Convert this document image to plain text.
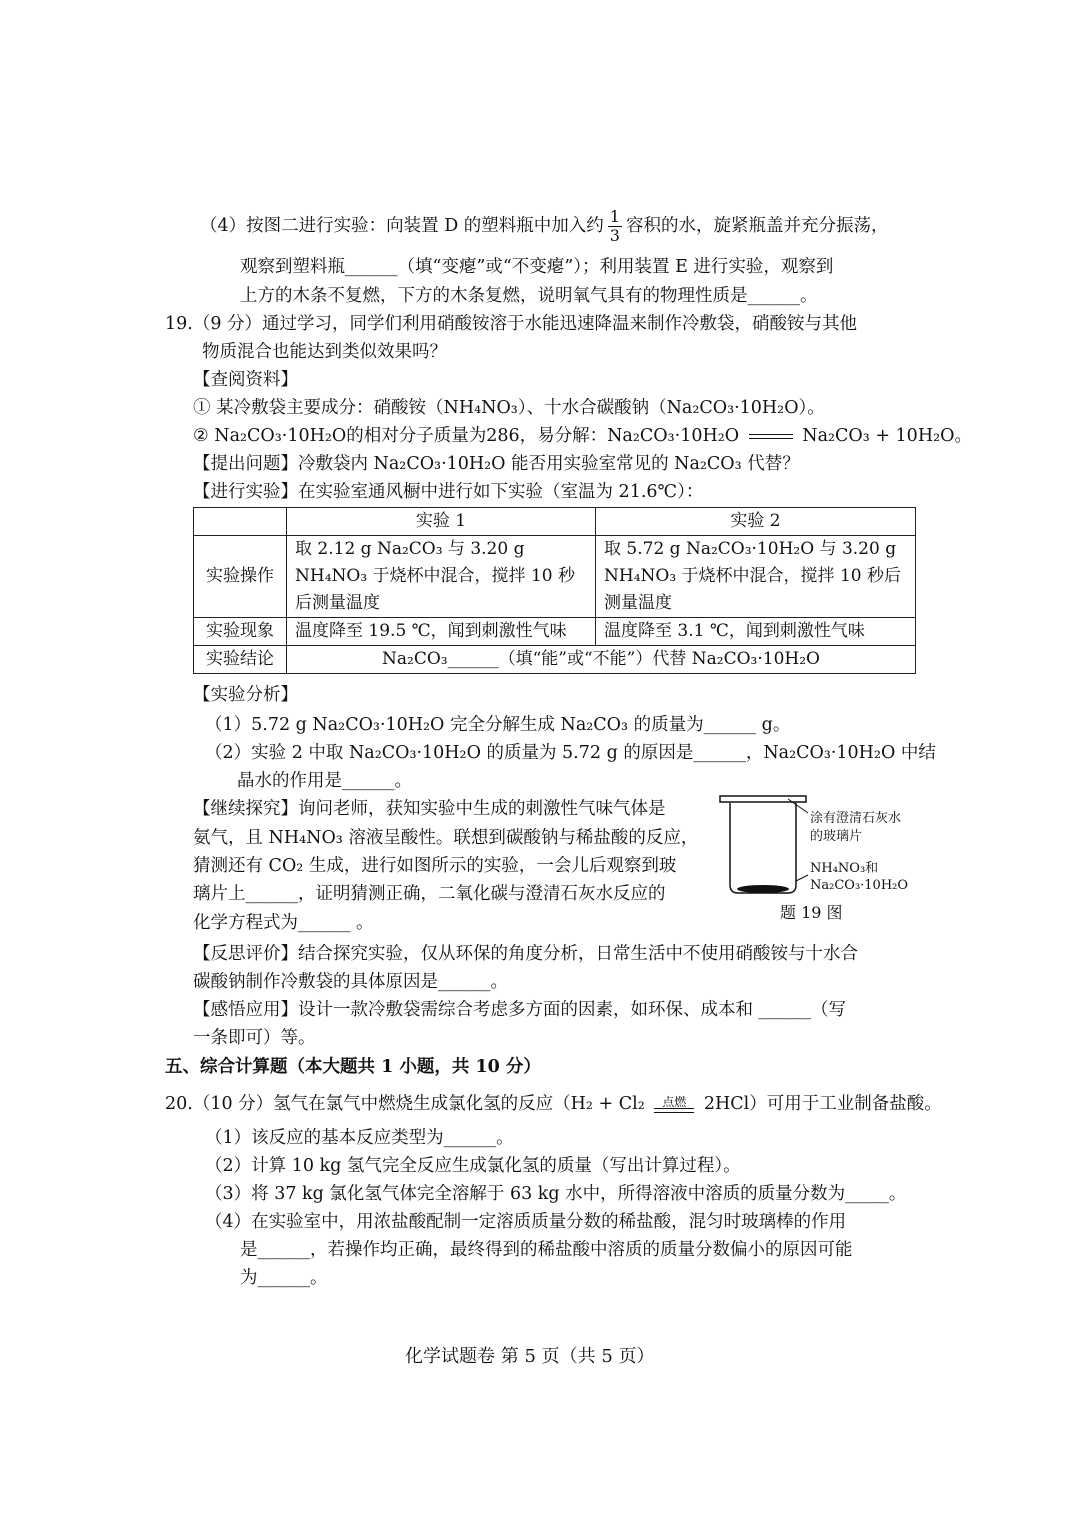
（4）按图二进行实验：向装置 D 的塑料瓶中加入约 $\frac{1}{3}$ 容积的水，旋紧瓶盖并充分振荡，
观察到塑料瓶______（填“变瘪”或“不变瘪”）；利用装置 E 进行实验，观察到
上方的木条不复燃，下方的木条复燃，说明氧气具有的物理性质是______。
19.（9 分）通过学习，同学们利用硝酸铵溶于水能迅速降温来制作冷敷袋，硝酸铵与其他
物质混合也能达到类似效果吗？
【查阅资料】
① 某冷敷袋主要成分：硝酸铵（NH₄NO₃）、十水合碳酸钠（Na₂CO₃·10H₂O）。
② Na₂CO₃·10H₂O的相对分子质量为286，易分解：Na₂CO₃·10H₂O	Na₂CO₃ + 10H₂O。
【提出问题】冷敷袋内 Na₂CO₃·10H₂O 能否用实验室常见的 Na₂CO₃ 代替？
【进行实验】在实验室通风橱中进行如下实验（室温为 21.6℃）：
	实验 1	实验 2
实验操作	取 2.12 g Na₂CO₃ 与 3.20 g NH₄NO₃ 于烧杯中混合，搅拌 10 秒后测量温度	取 5.72 g Na₂CO₃·10H₂O 与 3.20 g NH₄NO₃ 于烧杯中混合，搅拌 10 秒后测量温度
实验现象	温度降至 19.5 ℃，闻到刺激性气味	温度降至 3.1 ℃，闻到刺激性气味
实验结论	Na₂CO₃______（填“能”或“不能”）代替 Na₂CO₃·10H₂O	
【实验分析】
（1）5.72 g Na₂CO₃·10H₂O 完全分解生成 Na₂CO₃ 的质量为______ g。
（2）实验 2 中取 Na₂CO₃·10H₂O 的质量为 5.72 g 的原因是______，Na₂CO₃·10H₂O 中结
晶水的作用是______。
【继续探究】询问老师，获知实验中生成的刺激性气味气体是
氨气，且 NH₄NO₃ 溶液呈酸性。联想到碳酸钠与稀盐酸的反应，
猜测还有 CO₂ 生成，进行如图所示的实验，一会儿后观察到玻
璃片上______，证明猜测正确，二氧化碳与澄清石灰水反应的
化学方程式为______ 。
涂有澄清石灰水
的玻璃片
NH₄NO₃和
Na₂CO₃·10H₂O
题 19 图
【反思评价】结合探究实验，仅从环保的角度分析，日常生活中不使用硝酸铵与十水合
碳酸钠制作冷敷袋的具体原因是______。
【感悟应用】设计一款冷敷袋需综合考虑多方面的因素，如环保、成本和 ______（写
一条即可）等。
五、综合计算题（本大题共 1 小题，共 10 分）
20.（10 分）氢气在氯气中燃烧生成氯化氢的反应（H₂ + Cl₂	点燃	2HCl）可用于工业制备盐酸。
（1）该反应的基本反应类型为______。
（2）计算 10 kg 氢气完全反应生成氯化氢的质量（写出计算过程）。
（3）将 37 kg 氯化氢气体完全溶解于 63 kg 水中，所得溶液中溶质的质量分数为_____。
（4）在实验室中，用浓盐酸配制一定溶质质量分数的稀盐酸，混匀时玻璃棒的作用
是______，若操作均正确，最终得到的稀盐酸中溶质的质量分数偏小的原因可能
为______。
化学试题卷 第 5 页（共 5 页）
